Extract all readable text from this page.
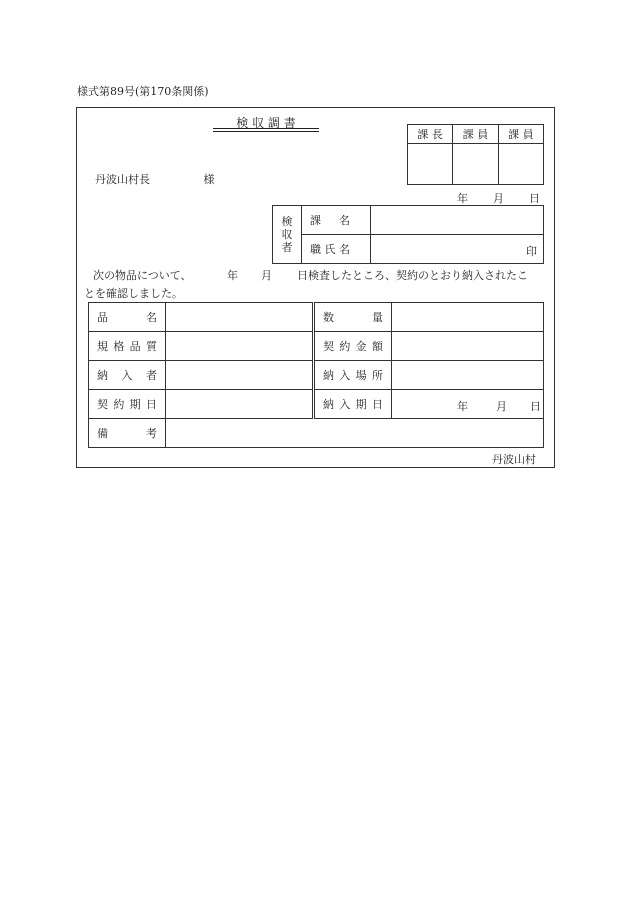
様式第89号(第170条関係)
検 収 調 書
課 長	課 員	課 員

丹波山村長	様
年 月 日
検
収
者	課 名	

	職 氏 名	印
次の物品について、	年 月 日検査したところ、契約のとおり納入されたこ
とを確認しました。
品 名		数 量	

規 格 品 質		契 約 金 額	

納 入 者		納 入 場 所	

契 約 期 日		納 入 期 日	年 月 日

備 考			

丹波山村
